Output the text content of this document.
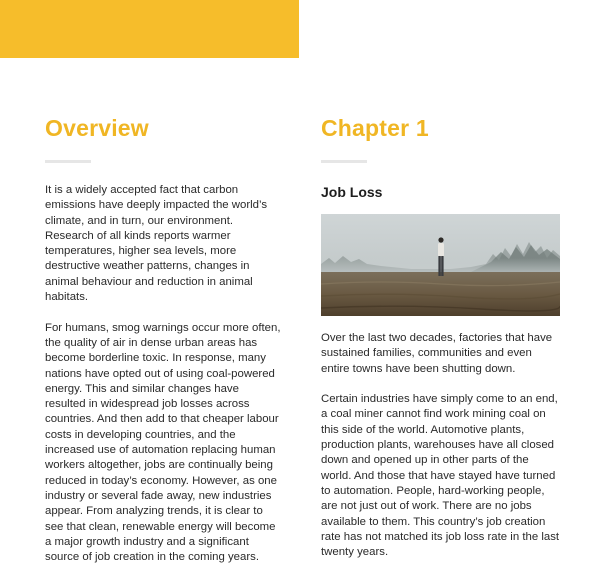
Overview

It is a widely accepted fact that carbon emissions have deeply impacted the world’s climate, and in turn, our environment. Research of all kinds reports warmer temperatures, higher sea levels, more destructive weather patterns, changes in animal behaviour and reduction in animal habitats.

For humans, smog warnings occur more often, the quality of air in dense urban areas has become borderline toxic. In response, many nations have opted out of using coal-powered energy. This and similar changes have resulted in widespread job losses across countries. And then add to that cheaper labour costs in developing countries, and the increased use of automation replacing human workers altogether, jobs are continually being reduced in today’s economy. However, as one industry or several fade away, new industries appear. From analyzing trends, it is clear to see that clean, renewable energy will become a major growth industry and a significant source of job creation in the coming years.

Chapter 1
Job Loss

Over the last two decades, factories that have sustained families, communities and even entire towns have been shutting down.

Certain industries have simply come to an end, a coal miner cannot find work mining coal on this side of the world. Automotive plants, production plants, warehouses have all closed down and opened up in other parts of the world. And those that have stayed have turned to automation. People, hard-working people, are not just out of work. There are no jobs available to them. This country’s job creation rate has not matched its job loss rate in the last twenty years.
